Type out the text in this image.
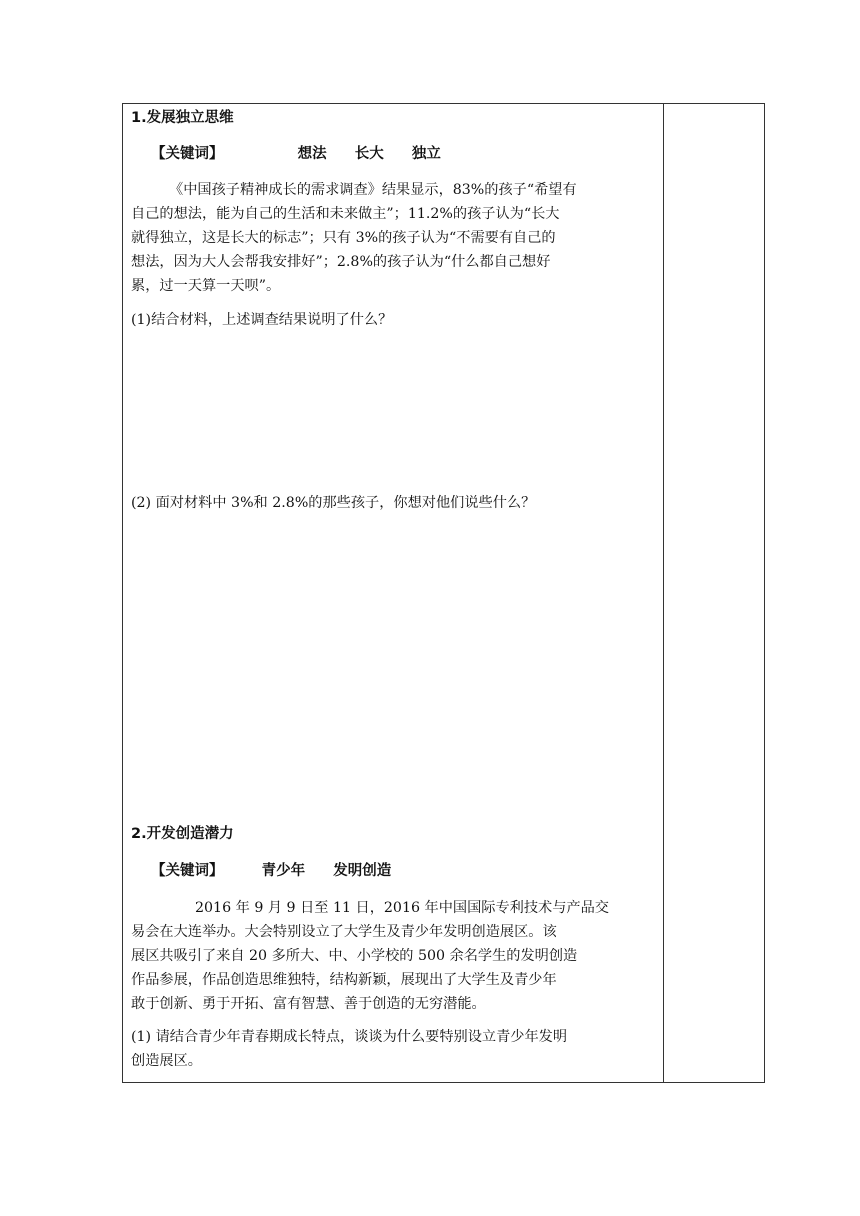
1.发展独立思维
【关键词】	想法 长大 独立
《中国孩子精神成长的需求调查》结果显示，83%的孩子“希望有
自己的想法，能为自己的生活和未来做主”；11.2%的孩子认为“长大
就得独立，这是长大的标志”；只有 3%的孩子认为“不需要有自己的
想法，因为大人会帮我安排好”；2.8%的孩子认为“什么都自己想好
累，过一天算一天呗”。
(1)结合材料，上述调查结果说明了什么？
(2) 面对材料中 3%和 2.8%的那些孩子，你想对他们说些什么？
2.开发创造潜力
【关键词】	青少年 发明创造
2016 年 9 月 9 日至 11 日，2016 年中国国际专利技术与产品交
易会在大连举办。大会特别设立了大学生及青少年发明创造展区。该
展区共吸引了来自 20 多所大、中、小学校的 500 余名学生的发明创造
作品参展，作品创造思维独特，结构新颖，展现出了大学生及青少年
敢于创新、勇于开拓、富有智慧、善于创造的无穷潜能。
(1) 请结合青少年青春期成长特点，谈谈为什么要特别设立青少年发明
创造展区。
